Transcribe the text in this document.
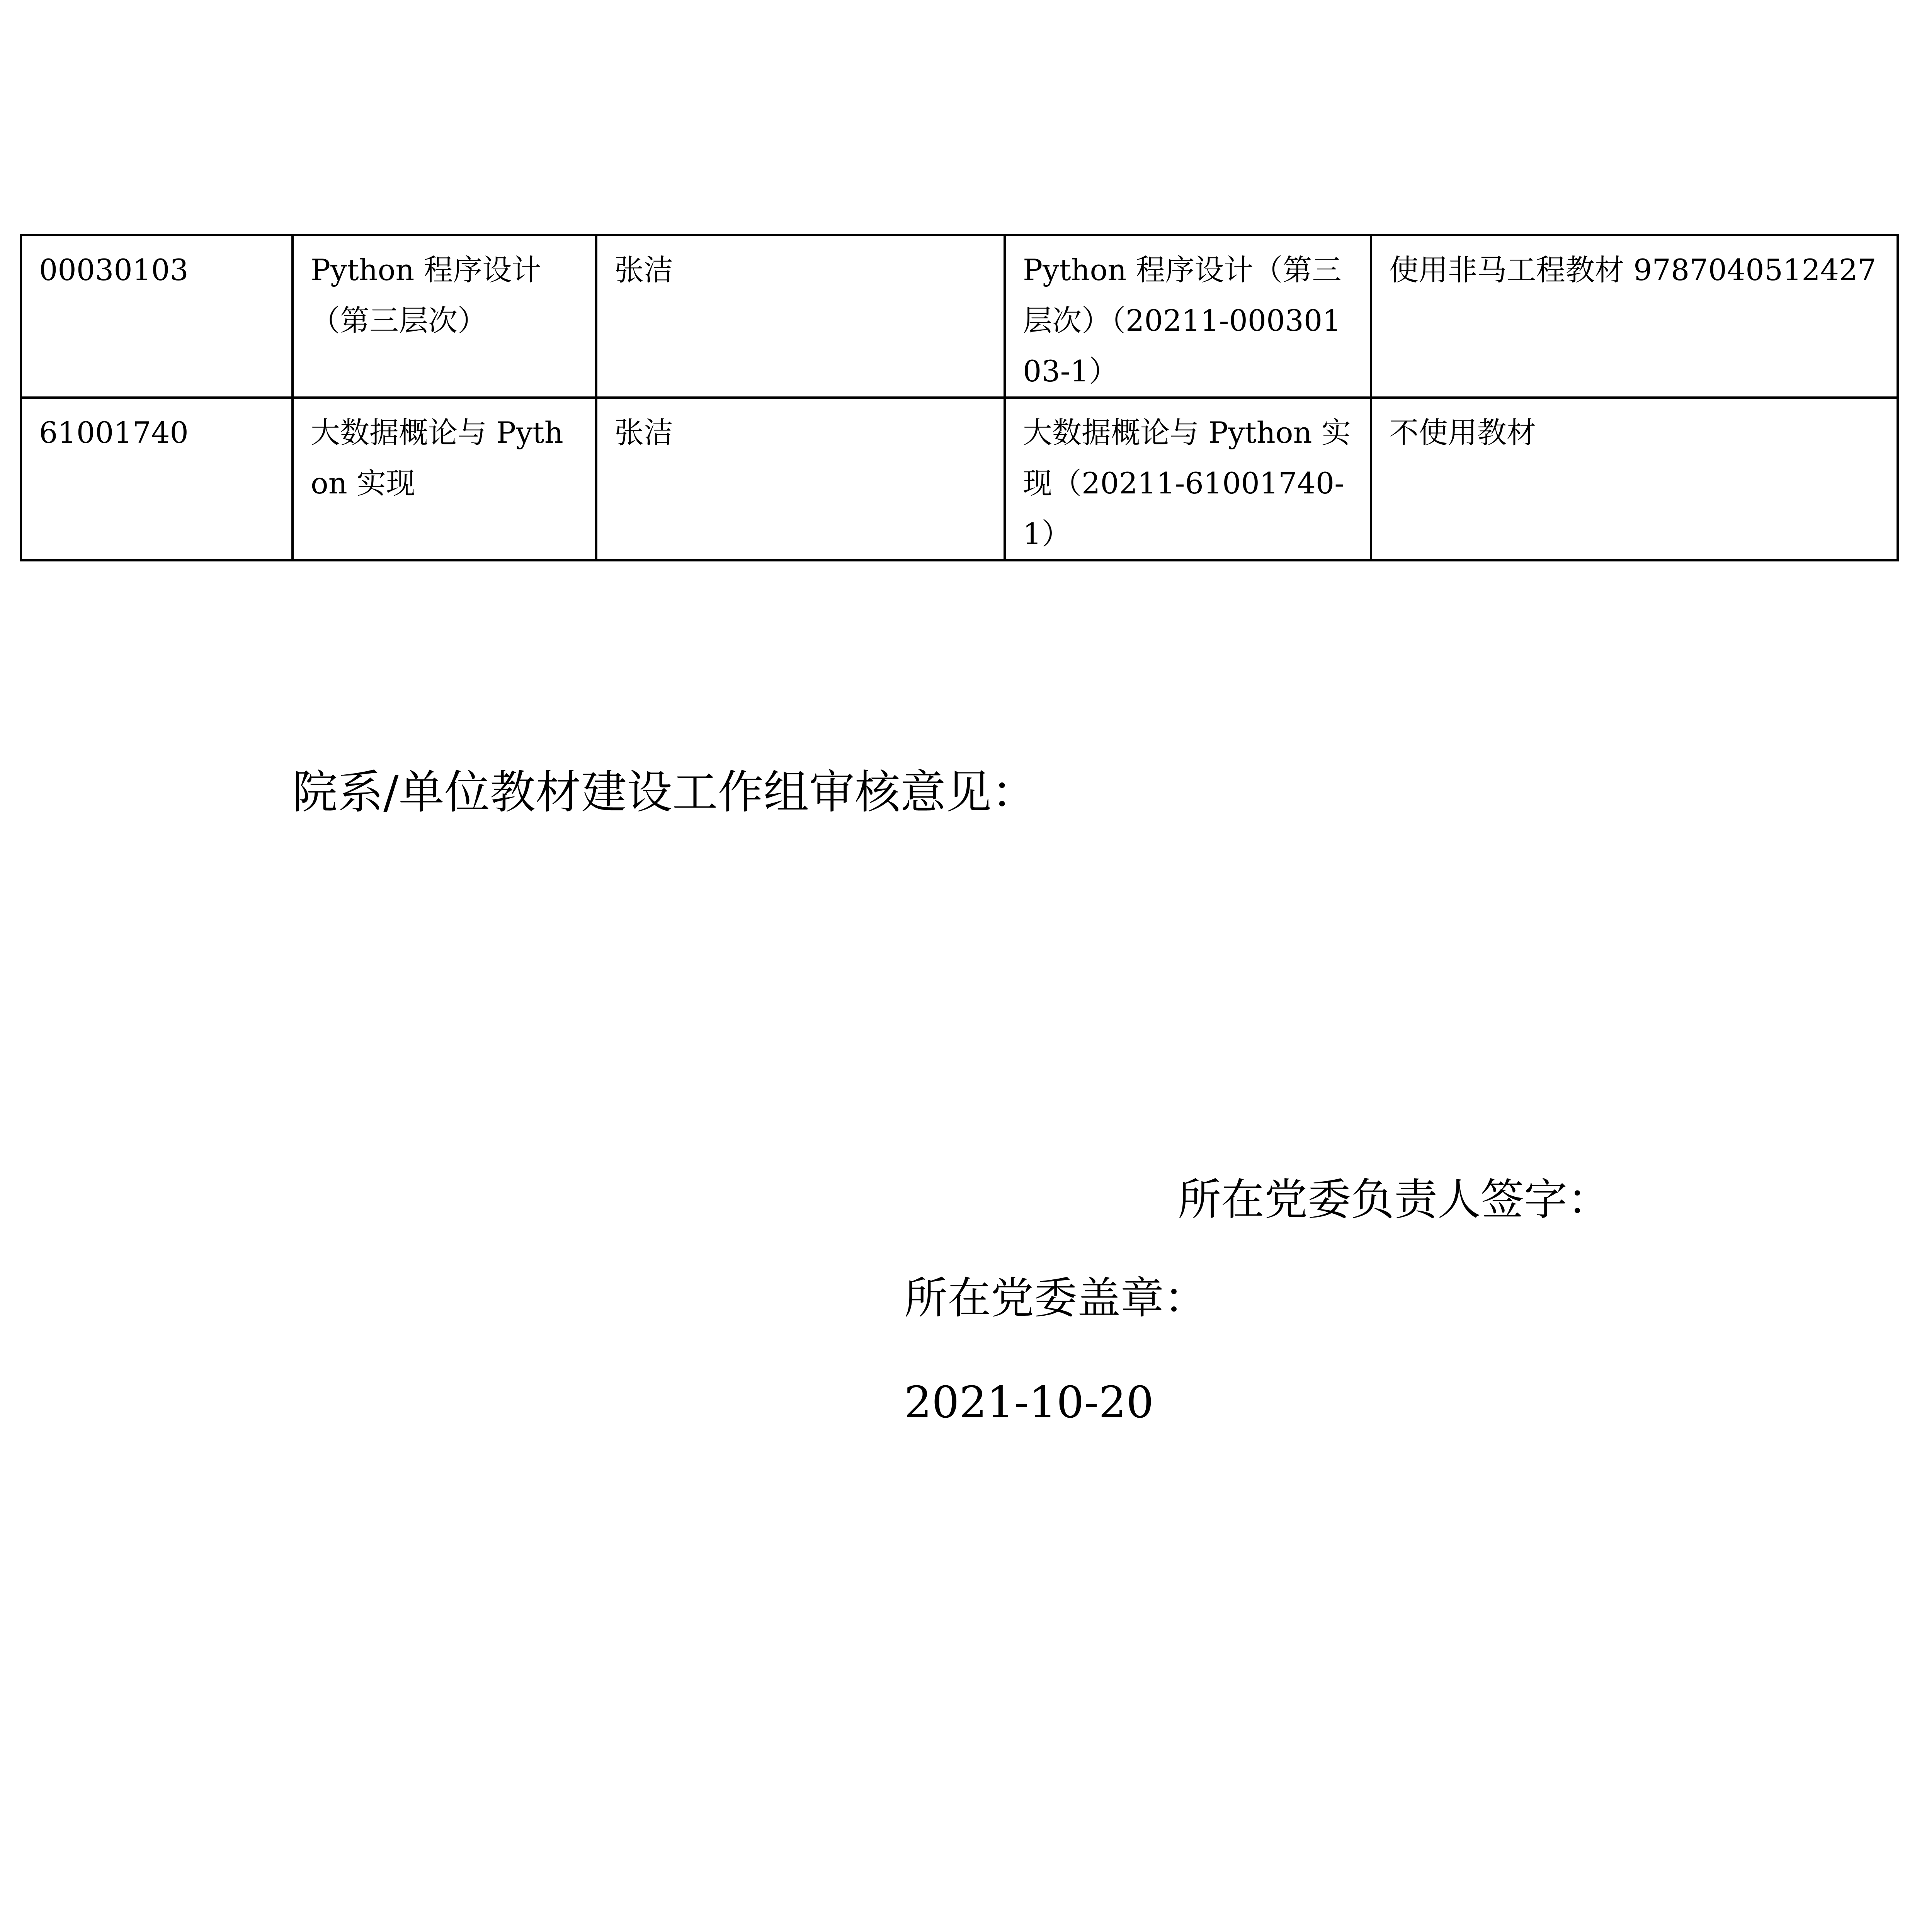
00030103	Python 程序设计（第三层次）	张洁	Python 程序设计（第三层次）（20211-00030103-1）	使用非马工程教材 9787040512427
61001740	大数据概论与 Python 实现	张洁	大数据概论与 Python 实现（20211-61001740-1）	不使用教材
院系/单位教材建设工作组审核意见：
所在党委负责人签字：
所在党委盖章：
2021-10-20
